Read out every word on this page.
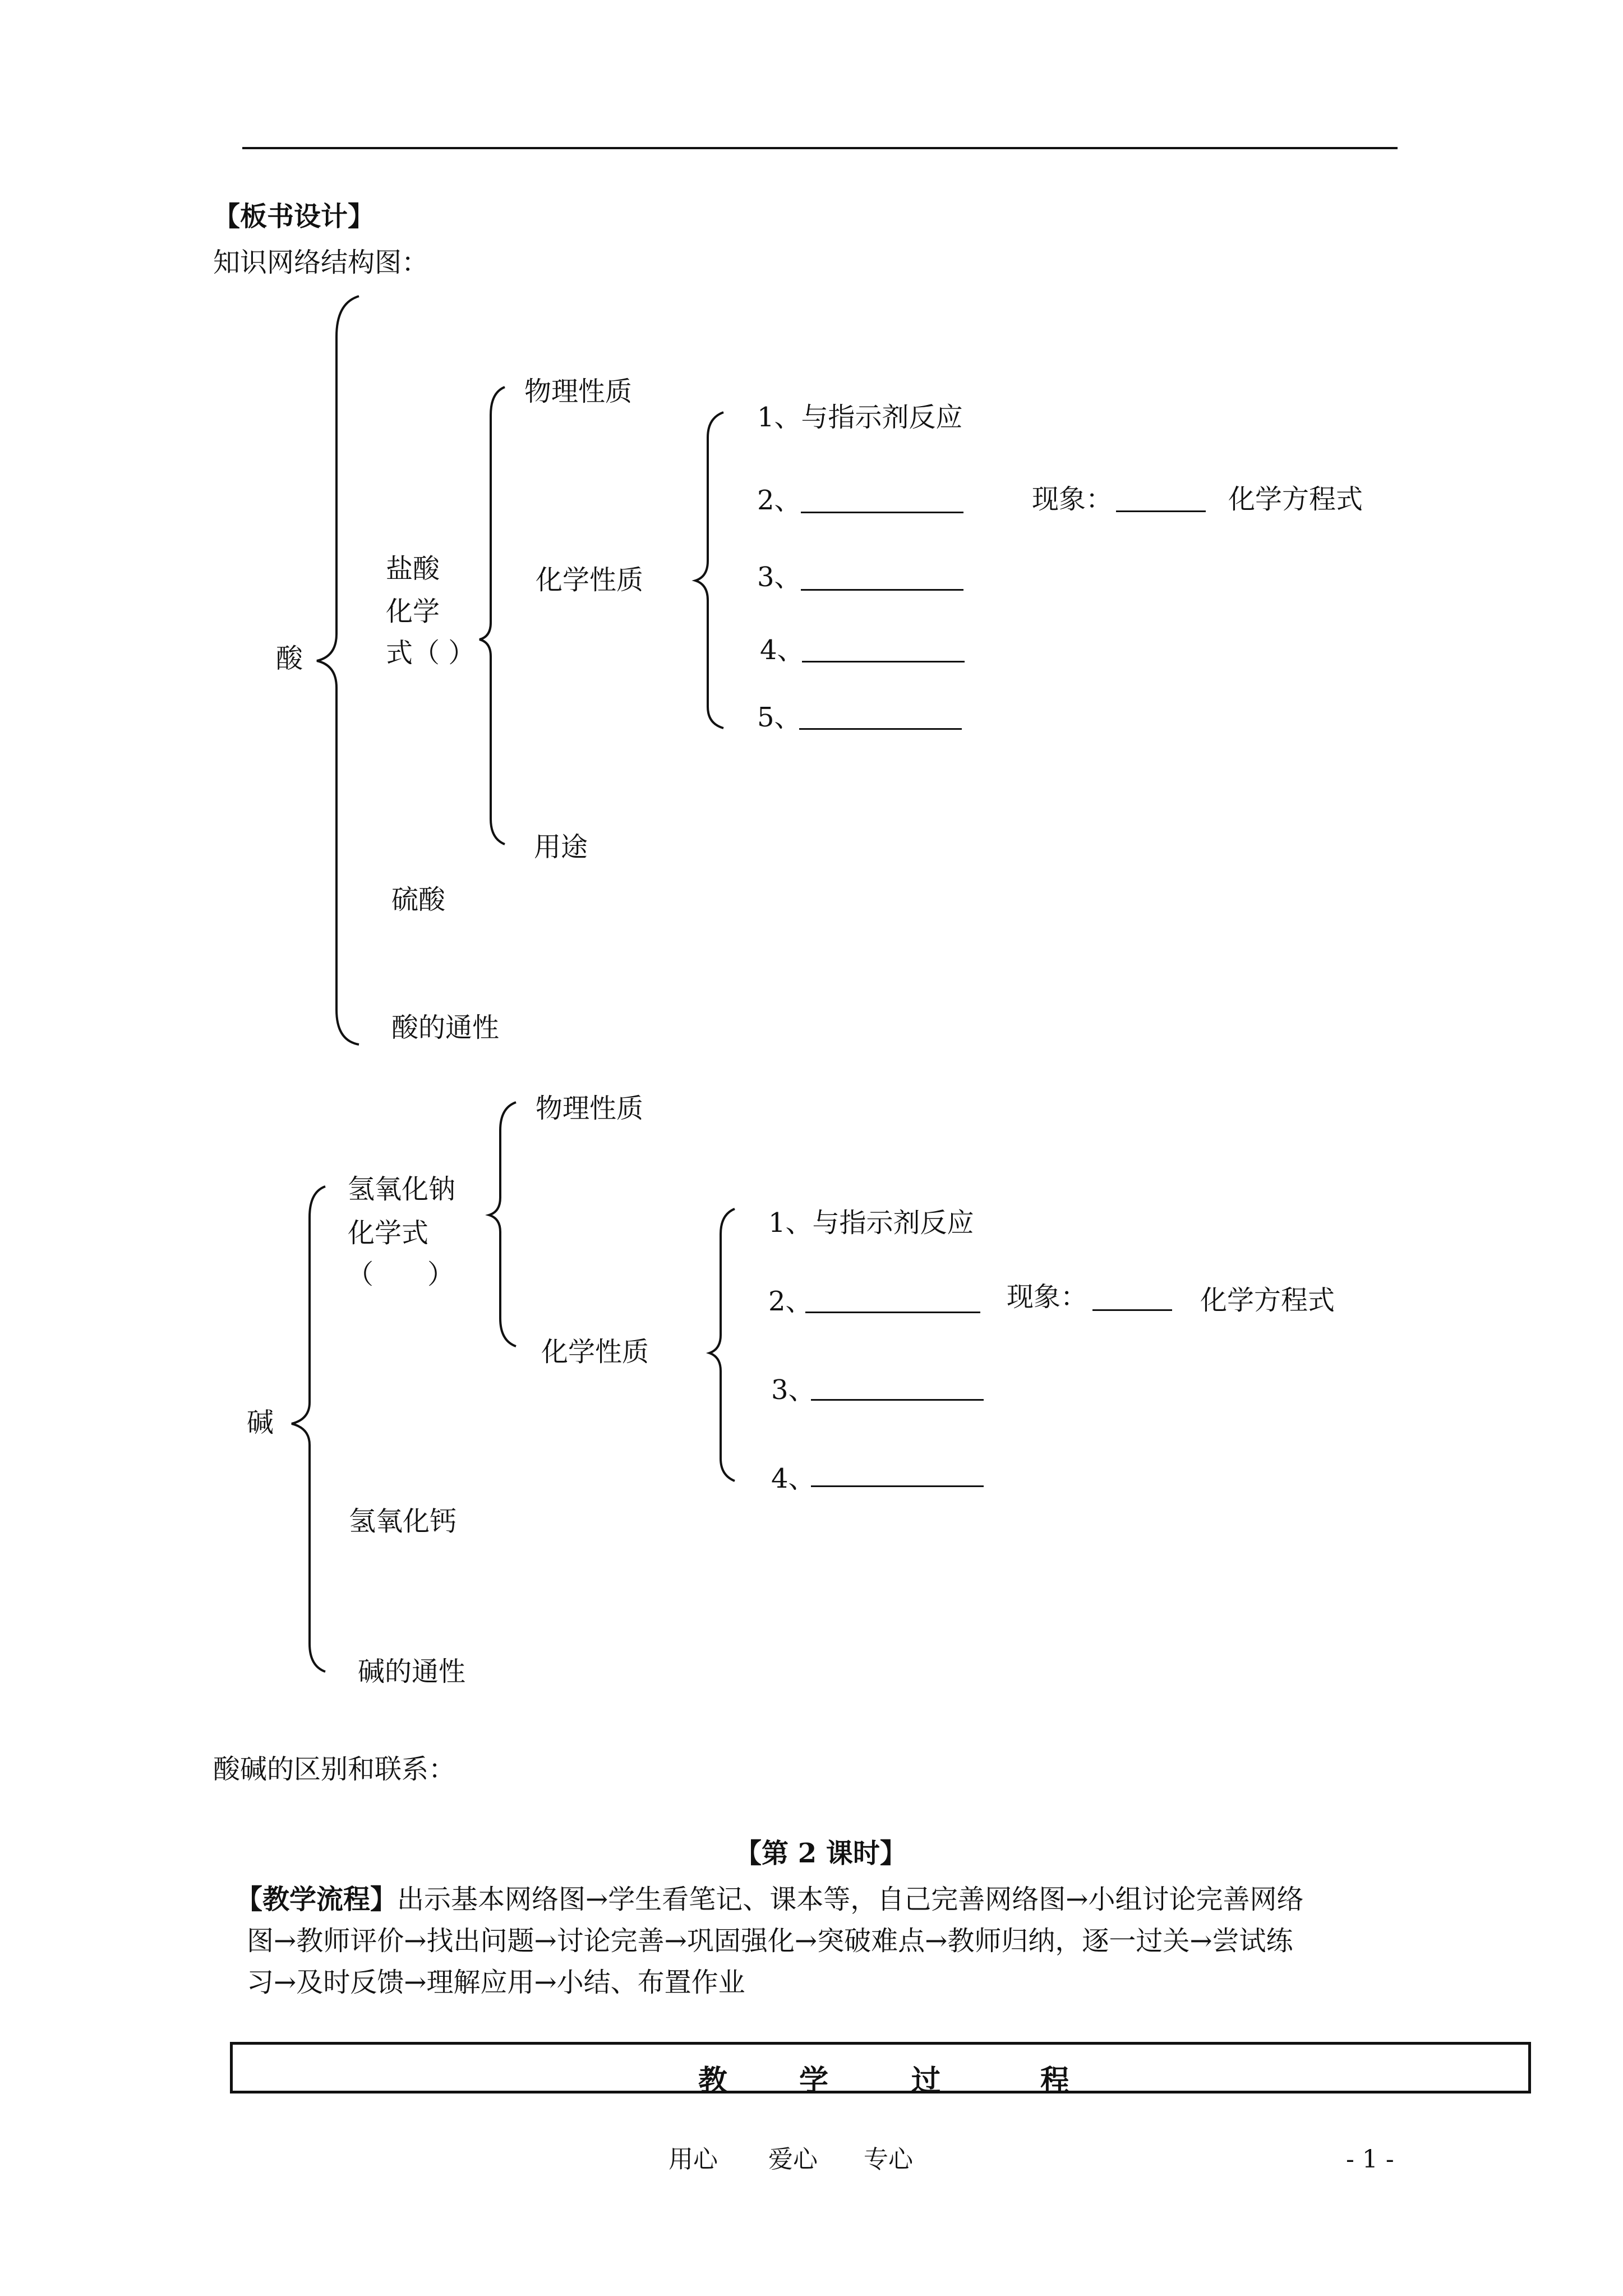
【板书设计】
知识网络结构图：
酸
盐酸
化学
式（ ）
物理性质
化学性质
用途
硫酸
酸的通性
1、与指示剂反应
2、	现象：	化学方程式
3、
4、
5、
物理性质
氢氧化钠
化学式
（　　）
碱
化学性质
氢氧化钙
碱的通性
1、与指示剂反应
2、	现象：	化学方程式
3、
4、
酸碱的区别和联系：
【第 2 课时】
【教学流程】出示基本网络图→学生看笔记、课本等，自己完善网络图→小组讨论完善网络
图→教师评价→找出问题→讨论完善→巩固强化→突破难点→教师归纳，逐一过关→尝试练
习→及时反馈→理解应用→小结、布置作业
教 学	过	程
用心 爱心 专心	- 1 -
